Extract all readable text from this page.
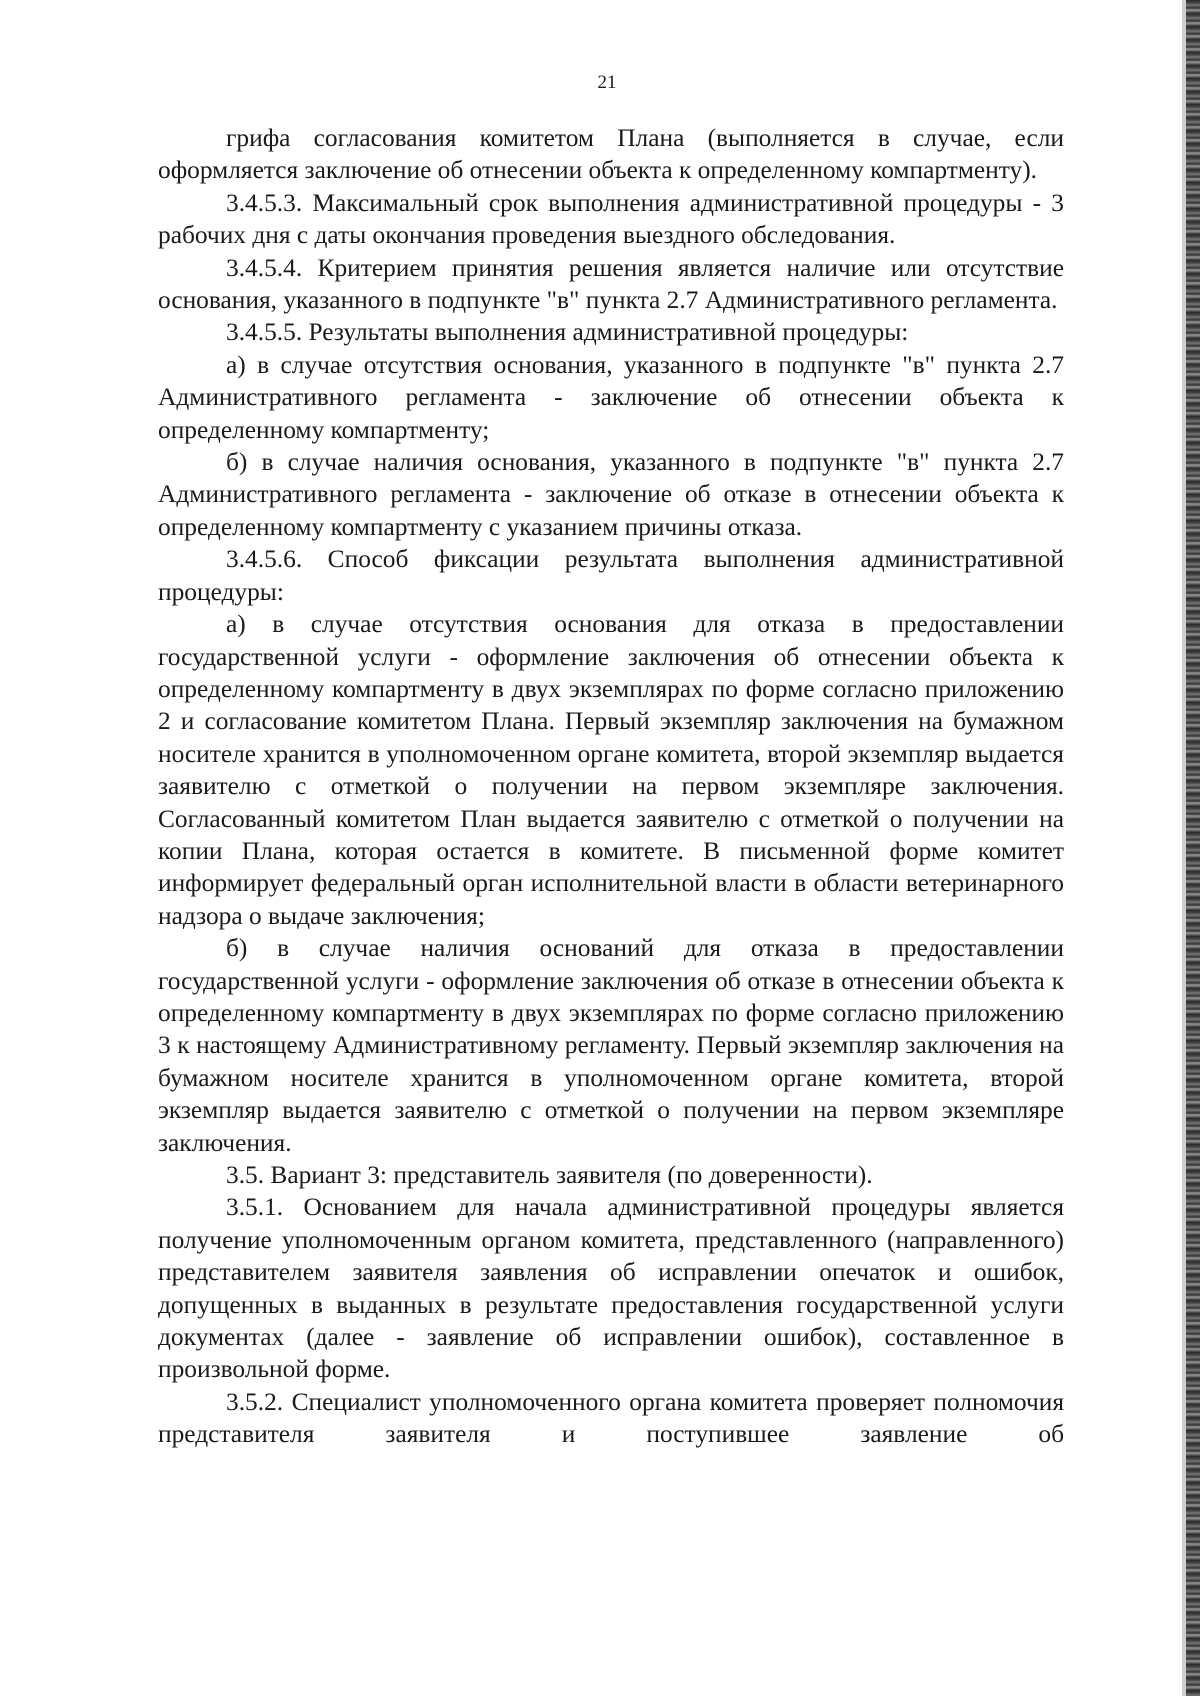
21

грифа согласования комитетом Плана (выполняется в случае, если оформляется заключение об отнесении объекта к определенному компартменту).

3.4.5.3. Максимальный срок выполнения административной процедуры - 3 рабочих дня с даты окончания проведения выездного обследования.

3.4.5.4. Критерием принятия решения является наличие или отсутствие основания, указанного в подпункте "в" пункта 2.7 Административного регламента.

3.4.5.5. Результаты выполнения административной процедуры:

а) в случае отсутствия основания, указанного в подпункте "в" пункта 2.7 Административного регламента - заключение об отнесении объекта к определенному компартменту;

б) в случае наличия основания, указанного в подпункте "в" пункта 2.7 Административного регламента - заключение об отказе в отнесении объекта к определенному компартменту с указанием причины отказа.

3.4.5.6. Способ фиксации результата выполнения административной процедуры:

а) в случае отсутствия основания для отказа в предоставлении государственной услуги - оформление заключения об отнесении объекта к определенному компартменту в двух экземплярах по форме согласно приложению 2 и согласование комитетом Плана. Первый экземпляр заключения на бумажном носителе хранится в уполномоченном органе комитета, второй экземпляр выдается заявителю с отметкой о получении на первом экземпляре заключения. Согласованный комитетом План выдается заявителю с отметкой о получении на копии Плана, которая остается в комитете. В письменной форме комитет информирует федеральный орган исполнительной власти в области ветеринарного надзора о выдаче заключения;

б) в случае наличия оснований для отказа в предоставлении государственной услуги - оформление заключения об отказе в отнесении объекта к определенному компартменту в двух экземплярах по форме согласно приложению 3 к настоящему Административному регламенту. Первый экземпляр заключения на бумажном носителе хранится в уполномоченном органе комитета, второй экземпляр выдается заявителю с отметкой о получении на первом экземпляре заключения.

3.5. Вариант 3: представитель заявителя (по доверенности).

3.5.1. Основанием для начала административной процедуры является получение уполномоченным органом комитета, представленного (направленного) представителем заявителя заявления об исправлении опечаток и ошибок, допущенных в выданных в результате предоставления государственной услуги документах (далее - заявление об исправлении ошибок), составленное в произвольной форме.

3.5.2. Специалист уполномоченного органа комитета проверяет полномочия представителя заявителя и поступившее заявление об
